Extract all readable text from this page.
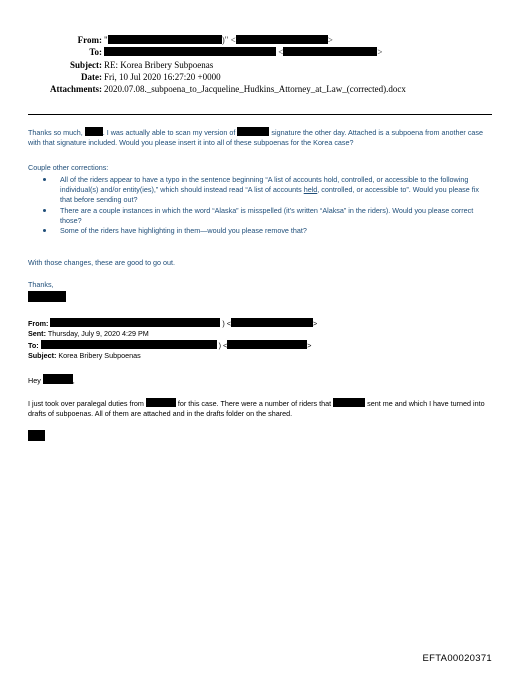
From: "	)" <	>
To:	<	>
Subject: RE: Korea Bribery Subpoenas
Date: Fri, 10 Jul 2020 16:27:20 +0000
Attachments: 2020.07.08._subpoena_to_Jacqueline_Hudkins_Attorney_at_Law_(corrected).docx

Thanks so much,	. I was actually able to scan my version of	signature the other day. Attached is a subpoena from another case with that signature included. Would you please insert it into all of these subpoenas for the Korea case?

Couple other corrections:

All of the riders appear to have a typo in the sentence beginning “A list of accounts hold, controlled, or accessible to the following individual(s) and/or entity(ies),” which should instead read “A list of accounts held, controlled, or accessible to”. Would you please fix that before sending out?
There are a couple instances in which the word “Alaska” is misspelled (it’s written “Alaksa” in the riders). Would you please correct those?
Some of the riders have highlighting in them—would you please remove that?

With those changes, these are good to go out.

Thanks,

From:	) <	>
Sent: Thursday, July 9, 2020 4:29 PM
To:	) <	>
Subject: Korea Bribery Subpoenas
Hey	,

I just took over paralegal duties from	for this case. There were a number of riders that	sent me and which I have turned into drafts of subpoenas. All of them are attached and in the drafts folder on the shared.

EFTA00020371
